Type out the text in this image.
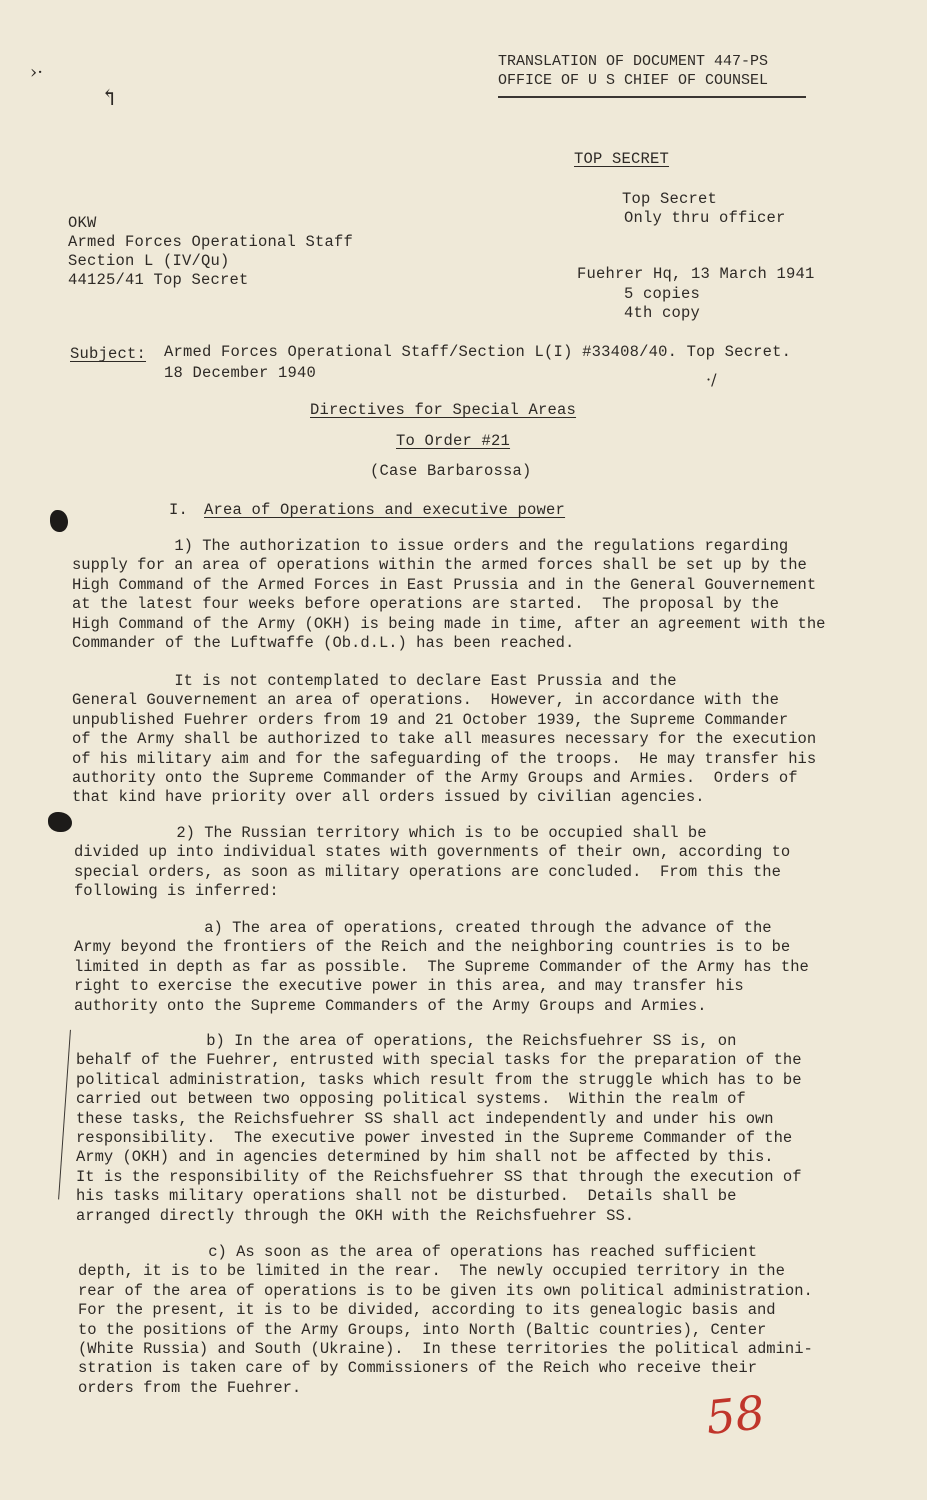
›·
↰
TRANSLATION OF DOCUMENT 447-PS
OFFICE OF U S CHIEF OF COUNSEL
TOP SECRET
Top Secret
Only thru officer
OKW
Armed Forces Operational Staff
Section L (IV/Qu)
44125/41 Top Secret	Fuehrer Hq, 13 March 1941
5 copies
4th copy
Subject: Armed Forces Operational Staff/Section L(I) #33408/40. Top Secret.
18 December 1940	·/
Directives for Special Areas
To Order #21
(Case Barbarossa)
I. Area of Operations and executive power
1) The authorization to issue orders and the regulations regarding
supply for an area of operations within the armed forces shall be set up by the
High Command of the Armed Forces in East Prussia and in the General Gouvernement
at the latest four weeks before operations are started.  The proposal by the
High Command of the Army (OKH) is being made in time, after an agreement with the
Commander of the Luftwaffe (Ob.d.L.) has been reached.
It is not contemplated to declare East Prussia and the
General Gouvernement an area of operations.  However, in accordance with the
unpublished Fuehrer orders from 19 and 21 October 1939, the Supreme Commander
of the Army shall be authorized to take all measures necessary for the execution
of his military aim and for the safeguarding of the troops.  He may transfer his
authority onto the Supreme Commander of the Army Groups and Armies.  Orders of
that kind have priority over all orders issued by civilian agencies.
2) The Russian territory which is to be occupied shall be
divided up into individual states with governments of their own, according to
special orders, as soon as military operations are concluded.  From this the
following is inferred:
a) The area of operations, created through the advance of the
Army beyond the frontiers of the Reich and the neighboring countries is to be
limited in depth as far as possible.  The Supreme Commander of the Army has the
right to exercise the executive power in this area, and may transfer his
authority onto the Supreme Commanders of the Army Groups and Armies.
b) In the area of operations, the Reichsfuehrer SS is, on
behalf of the Fuehrer, entrusted with special tasks for the preparation of the
political administration, tasks which result from the struggle which has to be
carried out between two opposing political systems.  Within the realm of
these tasks, the Reichsfuehrer SS shall act independently and under his own
responsibility.  The executive power invested in the Supreme Commander of the
Army (OKH) and in agencies determined by him shall not be affected by this.
It is the responsibility of the Reichsfuehrer SS that through the execution of
his tasks military operations shall not be disturbed.  Details shall be
arranged directly through the OKH with the Reichsfuehrer SS.
c) As soon as the area of operations has reached sufficient
depth, it is to be limited in the rear.  The newly occupied territory in the
rear of the area of operations is to be given its own political administration.
For the present, it is to be divided, according to its genealogic basis and
to the positions of the Army Groups, into North (Baltic countries), Center
(White Russia) and South (Ukraine).  In these territories the political admini-
stration is taken care of by Commissioners of the Reich who receive their
orders from the Fuehrer.	58
